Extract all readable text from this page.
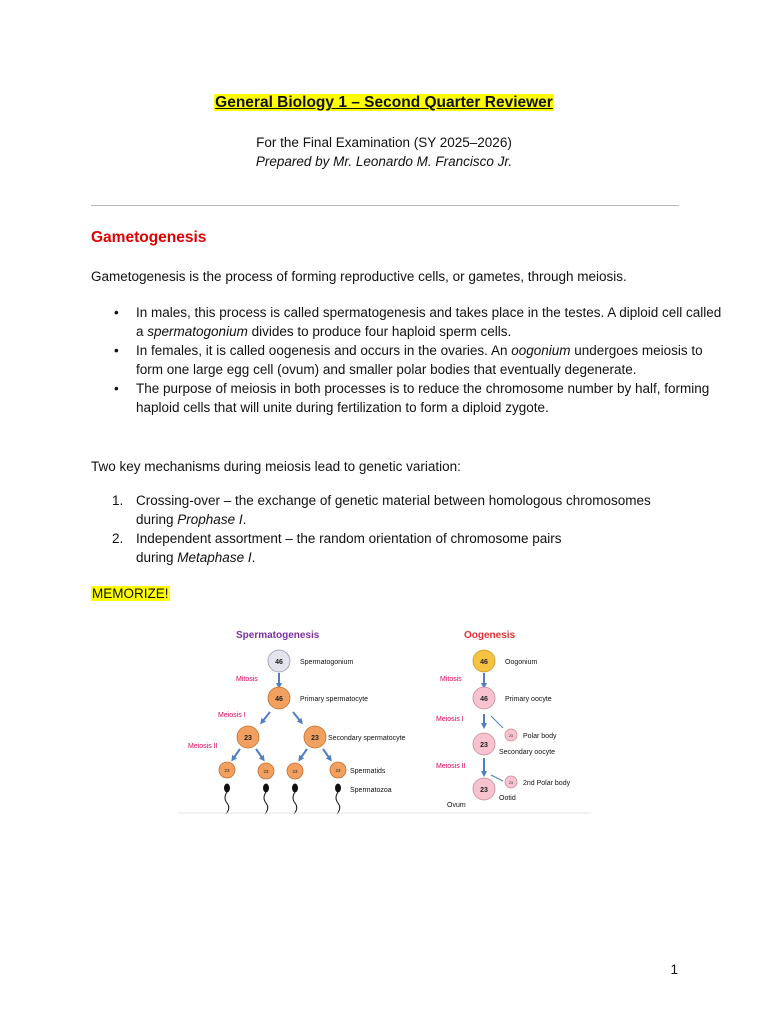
General Biology 1 – Second Quarter Reviewer
For the Final Examination (SY 2025–2026)
Prepared by Mr. Leonardo M. Francisco Jr.
Gametogenesis
Gametogenesis is the process of forming reproductive cells, or gametes, through meiosis.
• In males, this process is called spermatogenesis and takes place in the testes. A diploid cell called a spermatogonium divides to produce four haploid sperm cells.
• In females, it is called oogenesis and occurs in the ovaries. An oogonium undergoes meiosis to form one large egg cell (ovum) and smaller polar bodies that eventually degenerate.
• The purpose of meiosis in both processes is to reduce the chromosome number by half, forming haploid cells that will unite during fertilization to form a diploid zygote.
Two key mechanisms during meiosis lead to genetic variation:
1. Crossing-over – the exchange of genetic material between homologous chromosomes
during Prophase I.
2. Independent assortment – the random orientation of chromosome pairs
during Metaphase I.
MEMORIZE!
Spermatogenesis
46 Spermatogonium
Mitosis
46 Primary spermatocyte
Meiosis I
23	23 Secondary spermatocyte
Meiosis II
23	23	23	23 Spermatids
Spermatozoa
Oogenesis
46 Oogonium
Mitosis
46 Primary oocyte
Meiosis I
23 Polar body
23
Secondary oocyte
Meiosis II
23 2nd Polar body
23
Ootid
Ovum
1
